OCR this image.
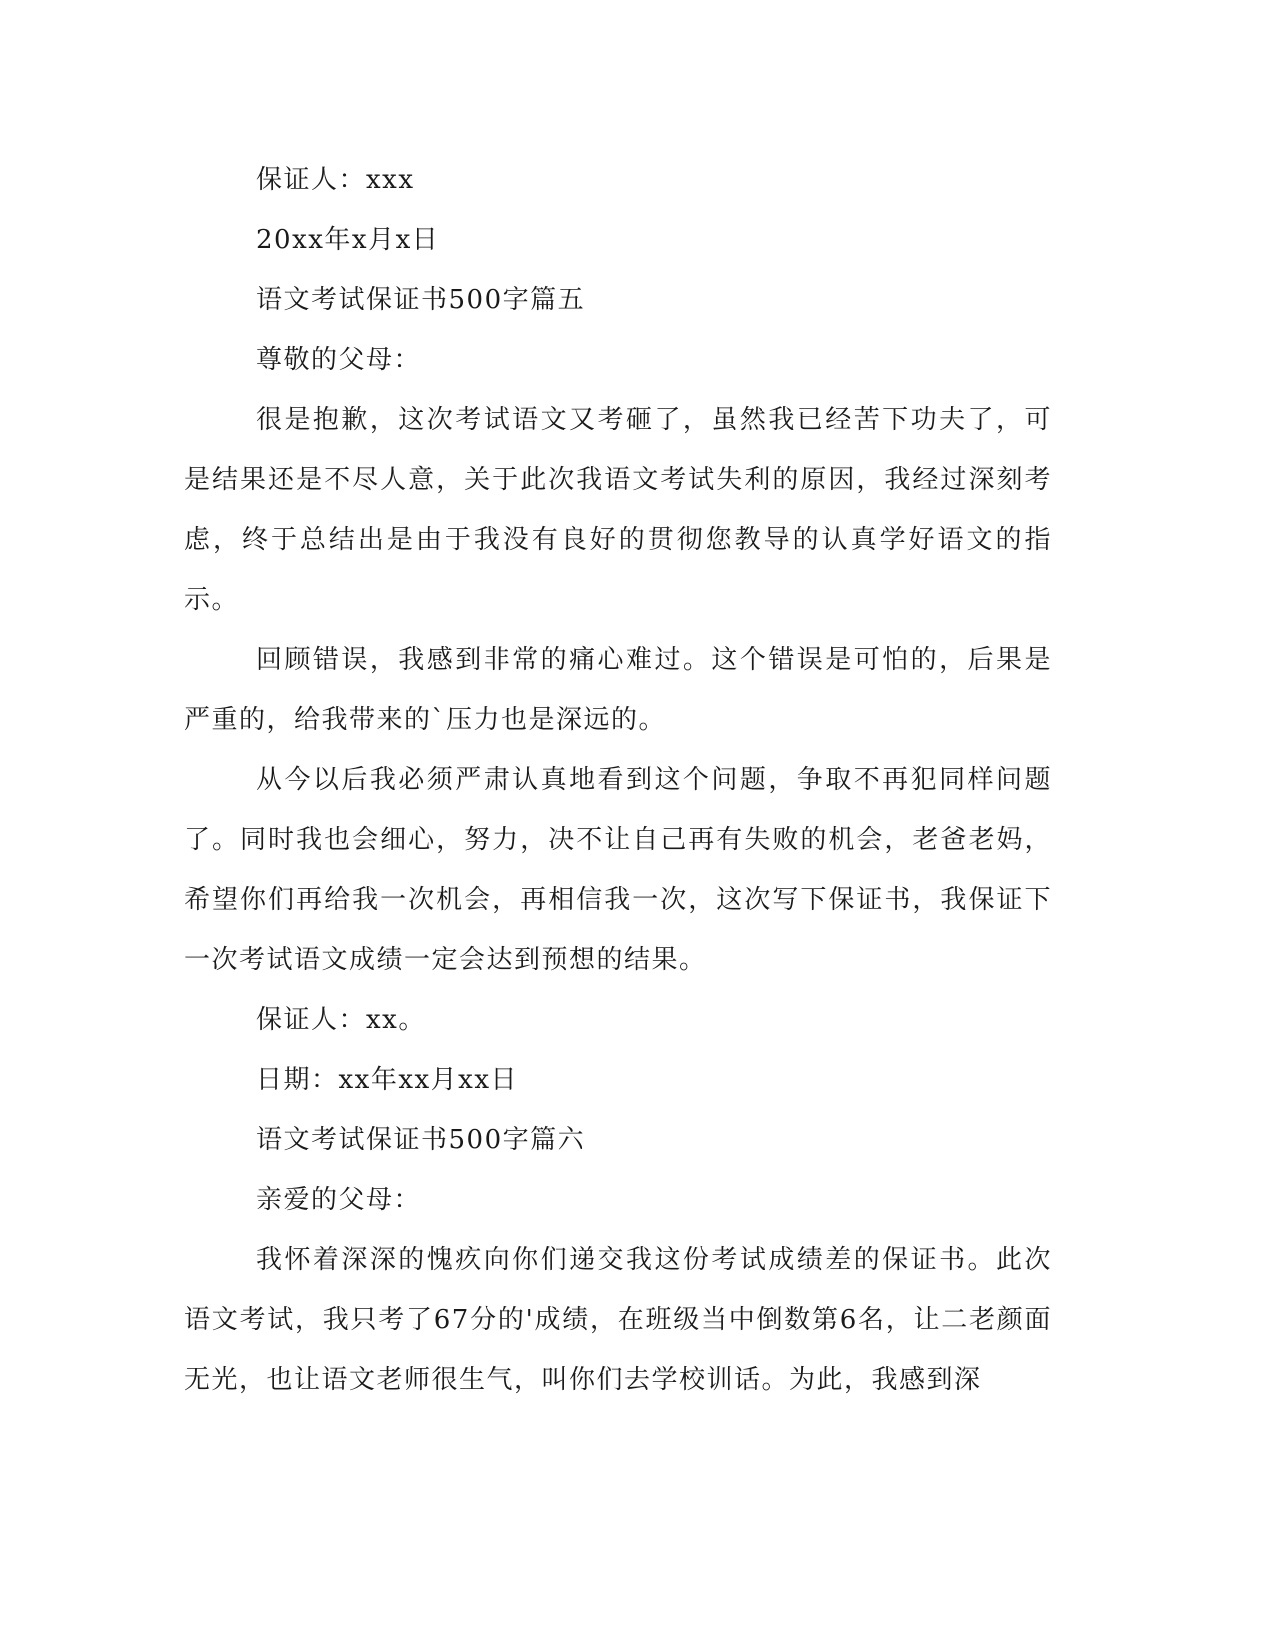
保证人：xxx
20xx年x月x日
语文考试保证书500字篇五
尊敬的父母：

很是抱歉，这次考试语文又考砸了，虽然我已经苦下功夫了，可是结果还是不尽人意，关于此次我语文考试失利的原因，我经过深刻考虑，终于总结出是由于我没有良好的贯彻您教导的认真学好语文的指示。

回顾错误，我感到非常的痛心难过。这个错误是可怕的，后果是严重的，给我带来的`压力也是深远的。

从今以后我必须严肃认真地看到这个问题，争取不再犯同样问题了。同时我也会细心，努力，决不让自己再有失败的机会，老爸老妈，希望你们再给我一次机会，再相信我一次，这次写下保证书，我保证下一次考试语文成绩一定会达到预想的结果。

保证人：xx。
日期：xx年xx月xx日
语文考试保证书500字篇六
亲爱的父母：

我怀着深深的愧疚向你们递交我这份考试成绩差的保证书。此次语文考试，我只考了67分的'成绩，在班级当中倒数第6名，让二老颜面无光，也让语文老师很生气，叫你们去学校训话。为此，我感到深
